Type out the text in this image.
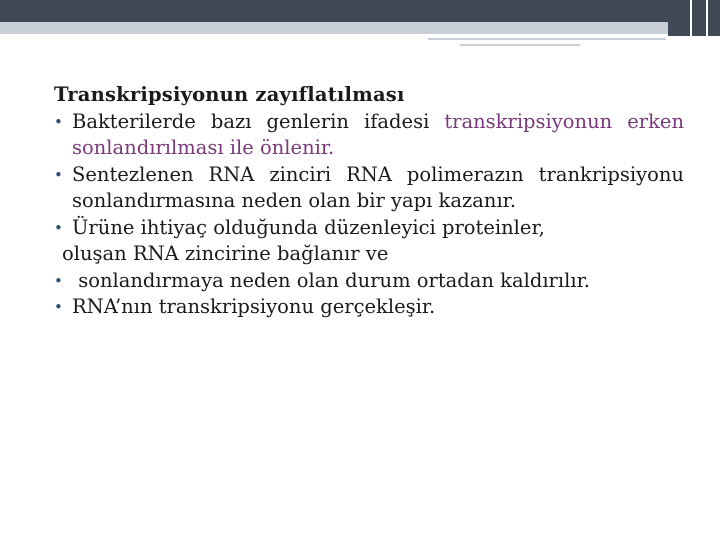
Transkripsiyonun zayıflatılması
• Bakterilerde bazı genlerin ifadesi transkripsiyonun erken sonlandırılması ile önlenir.
• Sentezlenen RNA zinciri RNA polimerazın trankripsiyonu sonlandırmasına neden olan bir yapı kazanır.
• Ürüne ihtiyaç olduğunda düzenleyici proteinler,
oluşan RNA zincirine bağlanır ve
• sonlandırmaya neden olan durum ortadan kaldırılır.
• RNA’nın transkripsiyonu gerçekleşir.
